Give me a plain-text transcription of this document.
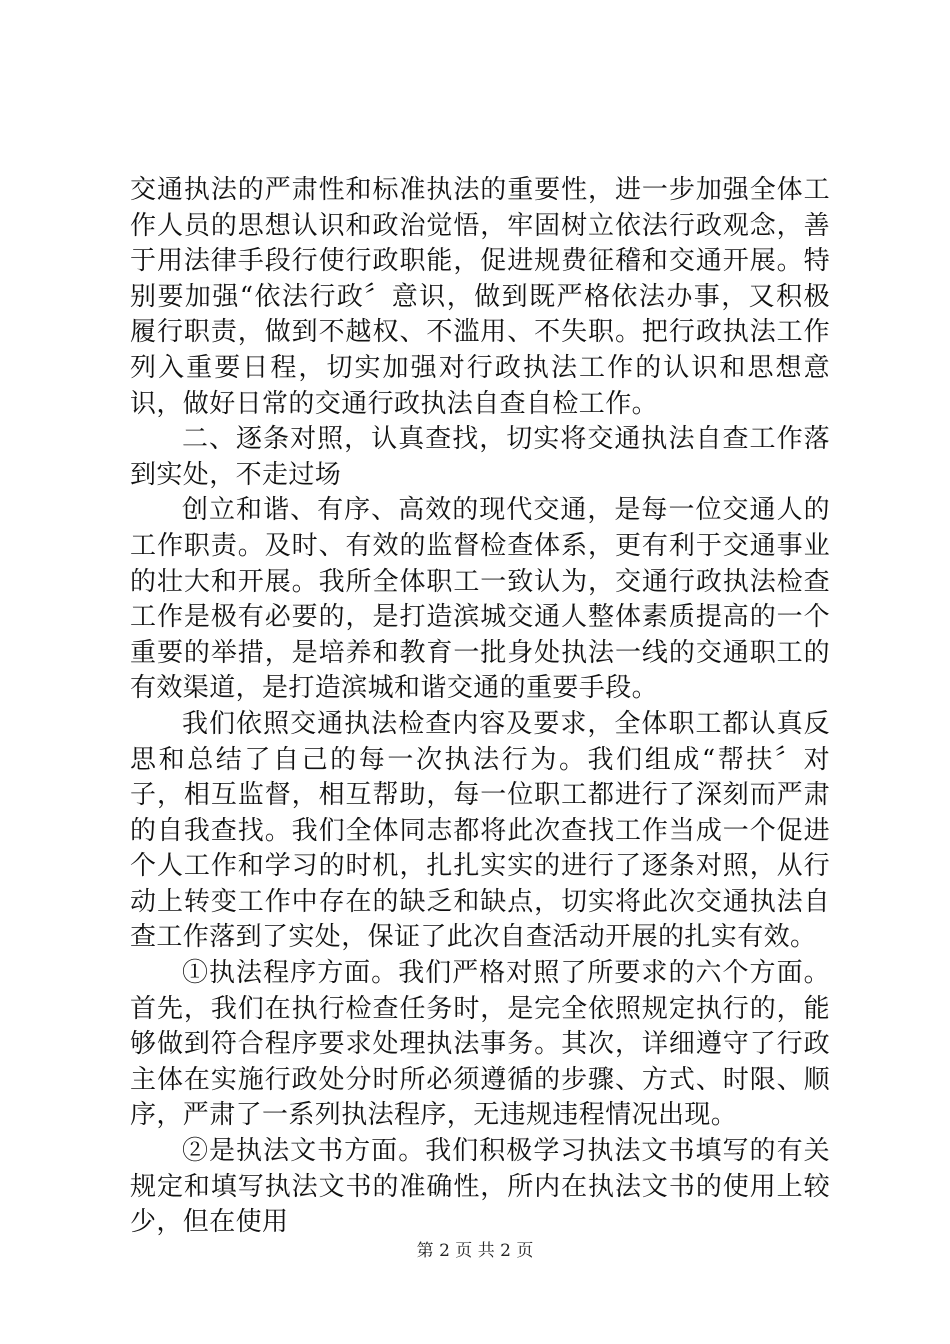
交通执法的严肃性和标准执法的重要性，进一步加强全体工作人员的思想认识和政治觉悟，牢固树立依法行政观念，善于用法律手段行使行政职能，促进规费征稽和交通开展。特别要加强“依法行政〞意识，做到既严格依法办事，又积极履行职责，做到不越权、不滥用、不失职。把行政执法工作列入重要日程，切实加强对行政执法工作的认识和思想意识，做好日常的交通行政执法自查自检工作。

二、逐条对照，认真查找，切实将交通执法自查工作落到实处，不走过场

创立和谐、有序、高效的现代交通，是每一位交通人的工作职责。及时、有效的监督检查体系，更有利于交通事业的壮大和开展。我所全体职工一致认为，交通行政执法检查工作是极有必要的，是打造滨城交通人整体素质提高的一个重要的举措，是培养和教育一批身处执法一线的交通职工的有效渠道，是打造滨城和谐交通的重要手段。

我们依照交通执法检查内容及要求，全体职工都认真反思和总结了自己的每一次执法行为。我们组成“帮扶〞对子，相互监督，相互帮助，每一位职工都进行了深刻而严肃的自我查找。我们全体同志都将此次查找工作当成一个促进个人工作和学习的时机，扎扎实实的进行了逐条对照，从行动上转变工作中存在的缺乏和缺点，切实将此次交通执法自查工作落到了实处，保证了此次自查活动开展的扎实有效。

①执法程序方面。我们严格对照了所要求的六个方面。首先，我们在执行检查任务时，是完全依照规定执行的，能够做到符合程序要求处理执法事务。其次，详细遵守了行政主体在实施行政处分时所必须遵循的步骤、方式、时限、顺序，严肃了一系列执法程序，无违规违程情况出现。

②是执法文书方面。我们积极学习执法文书填写的有关规定和填写执法文书的准确性，所内在执法文书的使用上较少，但在使用

第 2 页 共 2 页
